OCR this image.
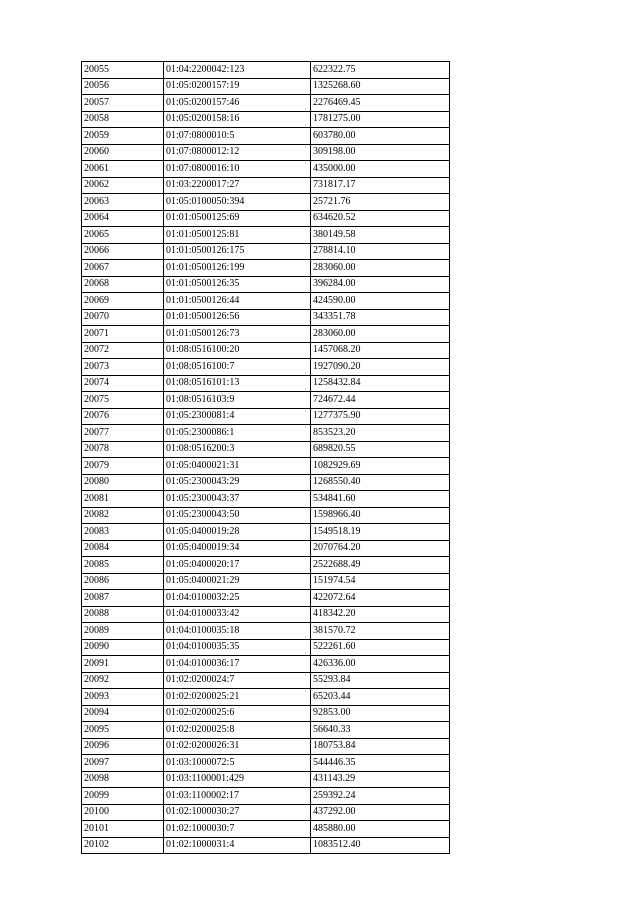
20055	01:04:2200042:123	622322.75
20056	01:05:0200157:19	1325268.60
20057	01:05:0200157:46	2276469.45
20058	01:05:0200158:16	1781275.00
20059	01:07:0800010:5	603780.00
20060	01:07:0800012:12	309198.00
20061	01:07:0800016:10	435000.00
20062	01:03:2200017:27	731817.17
20063	01:05:0100050:394	25721.76
20064	01:01:0500125:69	634620.52
20065	01:01:0500125:81	380149.58
20066	01:01:0500126:175	278814.10
20067	01:01:0500126:199	283060.00
20068	01:01:0500126:35	396284.00
20069	01:01:0500126:44	424590.00
20070	01:01:0500126:56	343351.78
20071	01:01:0500126:73	283060.00
20072	01:08:0516100:20	1457068.20
20073	01:08:0516100:7	1927090.20
20074	01:08:0516101:13	1258432.84
20075	01:08:0516103:9	724672.44
20076	01:05:2300081:4	1277375.90
20077	01:05:2300086:1	853523.20
20078	01:08:0516200:3	689820.55
20079	01:05:0400021:31	1082929.69
20080	01:05:2300043:29	1268550.40
20081	01:05:2300043:37	534841.60
20082	01:05:2300043:50	1598966.40
20083	01:05:0400019:28	1549518.19
20084	01:05:0400019:34	2070764.20
20085	01:05:0400020:17	2522688.49
20086	01:05:0400021:29	151974.54
20087	01:04:0100032:25	422072.64
20088	01:04:0100033:42	418342.20
20089	01:04:0100035:18	381570.72
20090	01:04:0100035:35	522261.60
20091	01:04:0100036:17	426336.00
20092	01:02:0200024:7	55293.84
20093	01:02:0200025:21	65203.44
20094	01:02:0200025:6	92853.00
20095	01:02:0200025:8	56640.33
20096	01:02:0200026:31	180753.84
20097	01:03:1000072:5	544446.35
20098	01:03:1100001:429	431143.29
20099	01:03:1100002:17	259392.24
20100	01:02:1000030:27	437292.00
20101	01:02:1000030:7	485880.00
20102	01:02:1000031:4	1083512.40
